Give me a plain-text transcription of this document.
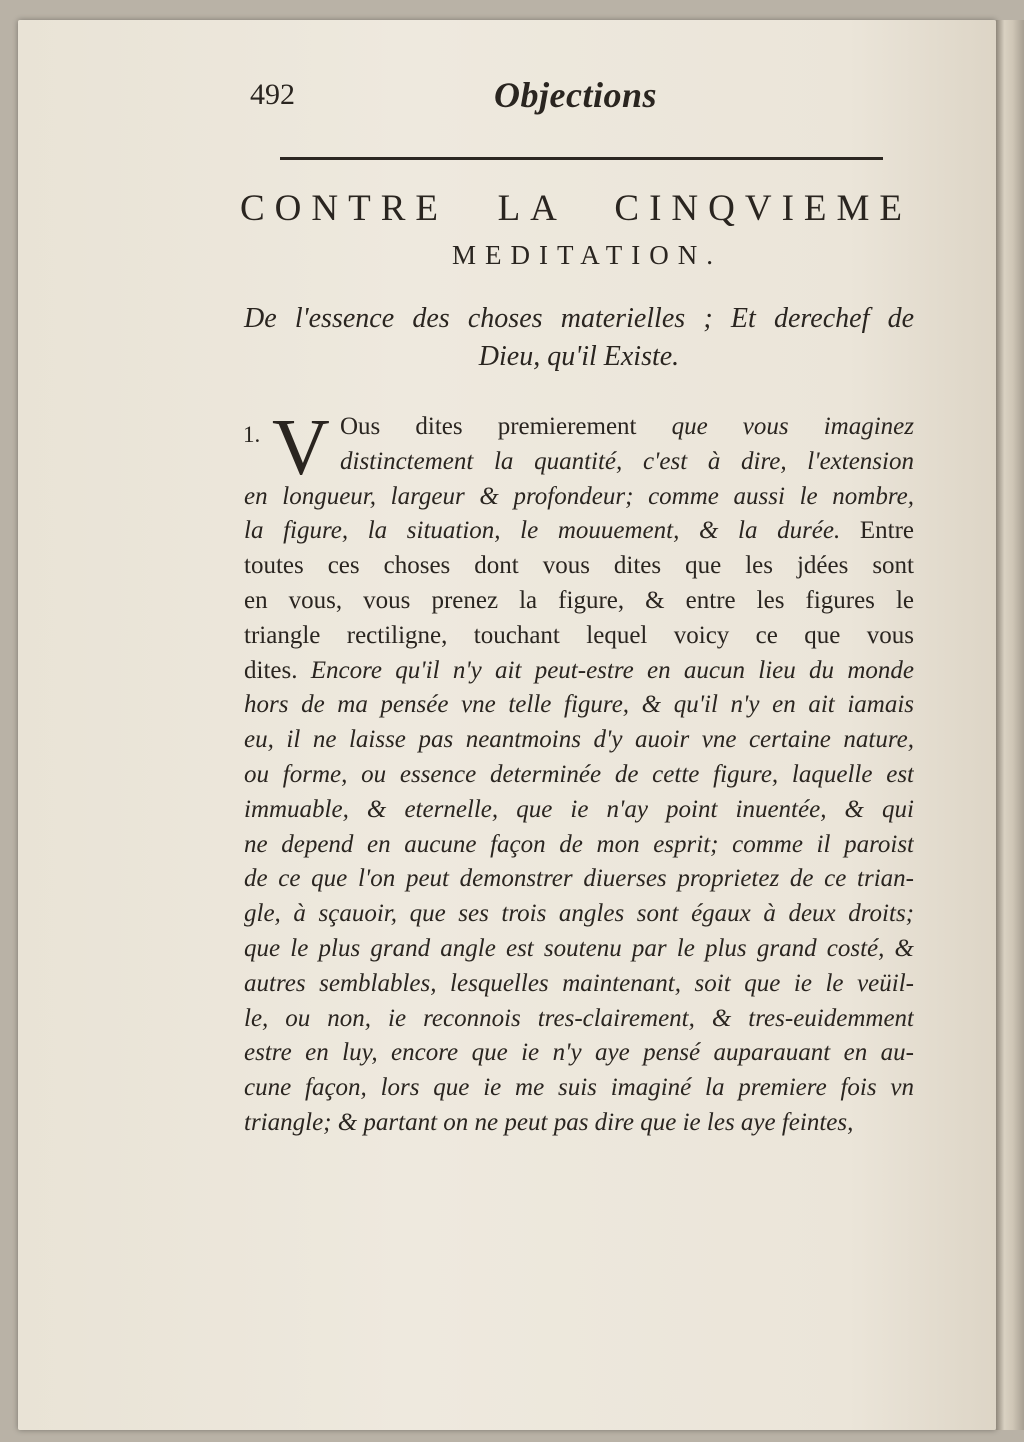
492	Objections
CONTRE LA CINQVIEME
MEDITATION.
De l'essence des choses materielles ; Et derechef de
Dieu, qu'il Existe.
1. V Ous dites premierement que vous imaginez
distinctement la quantité, c'est à dire, l'extension
en longueur, largeur & profondeur; comme aussi le nombre,
la figure, la situation, le mouuement, & la durée. Entre
toutes ces choses dont vous dites que les jdées sont
en vous, vous prenez la figure, & entre les figures le
triangle rectiligne, touchant lequel voicy ce que vous
dites. Encore qu'il n'y ait peut-estre en aucun lieu du monde
hors de ma pensée vne telle figure, & qu'il n'y en ait iamais
eu, il ne laisse pas neantmoins d'y auoir vne certaine nature,
ou forme, ou essence determinée de cette figure, laquelle est
immuable, & eternelle, que ie n'ay point inuentée, & qui
ne depend en aucune façon de mon esprit; comme il paroist
de ce que l'on peut demonstrer diuerses proprietez de ce trian-
gle, à sçauoir, que ses trois angles sont égaux à deux droits;
que le plus grand angle est soutenu par le plus grand costé, &
autres semblables, lesquelles maintenant, soit que ie le veüil-
le, ou non, ie reconnois tres-clairement, & tres-euidemment
estre en luy, encore que ie n'y aye pensé auparauant en au-
cune façon, lors que ie me suis imaginé la premiere fois vn
triangle; & partant on ne peut pas dire que ie les aye feintes,
